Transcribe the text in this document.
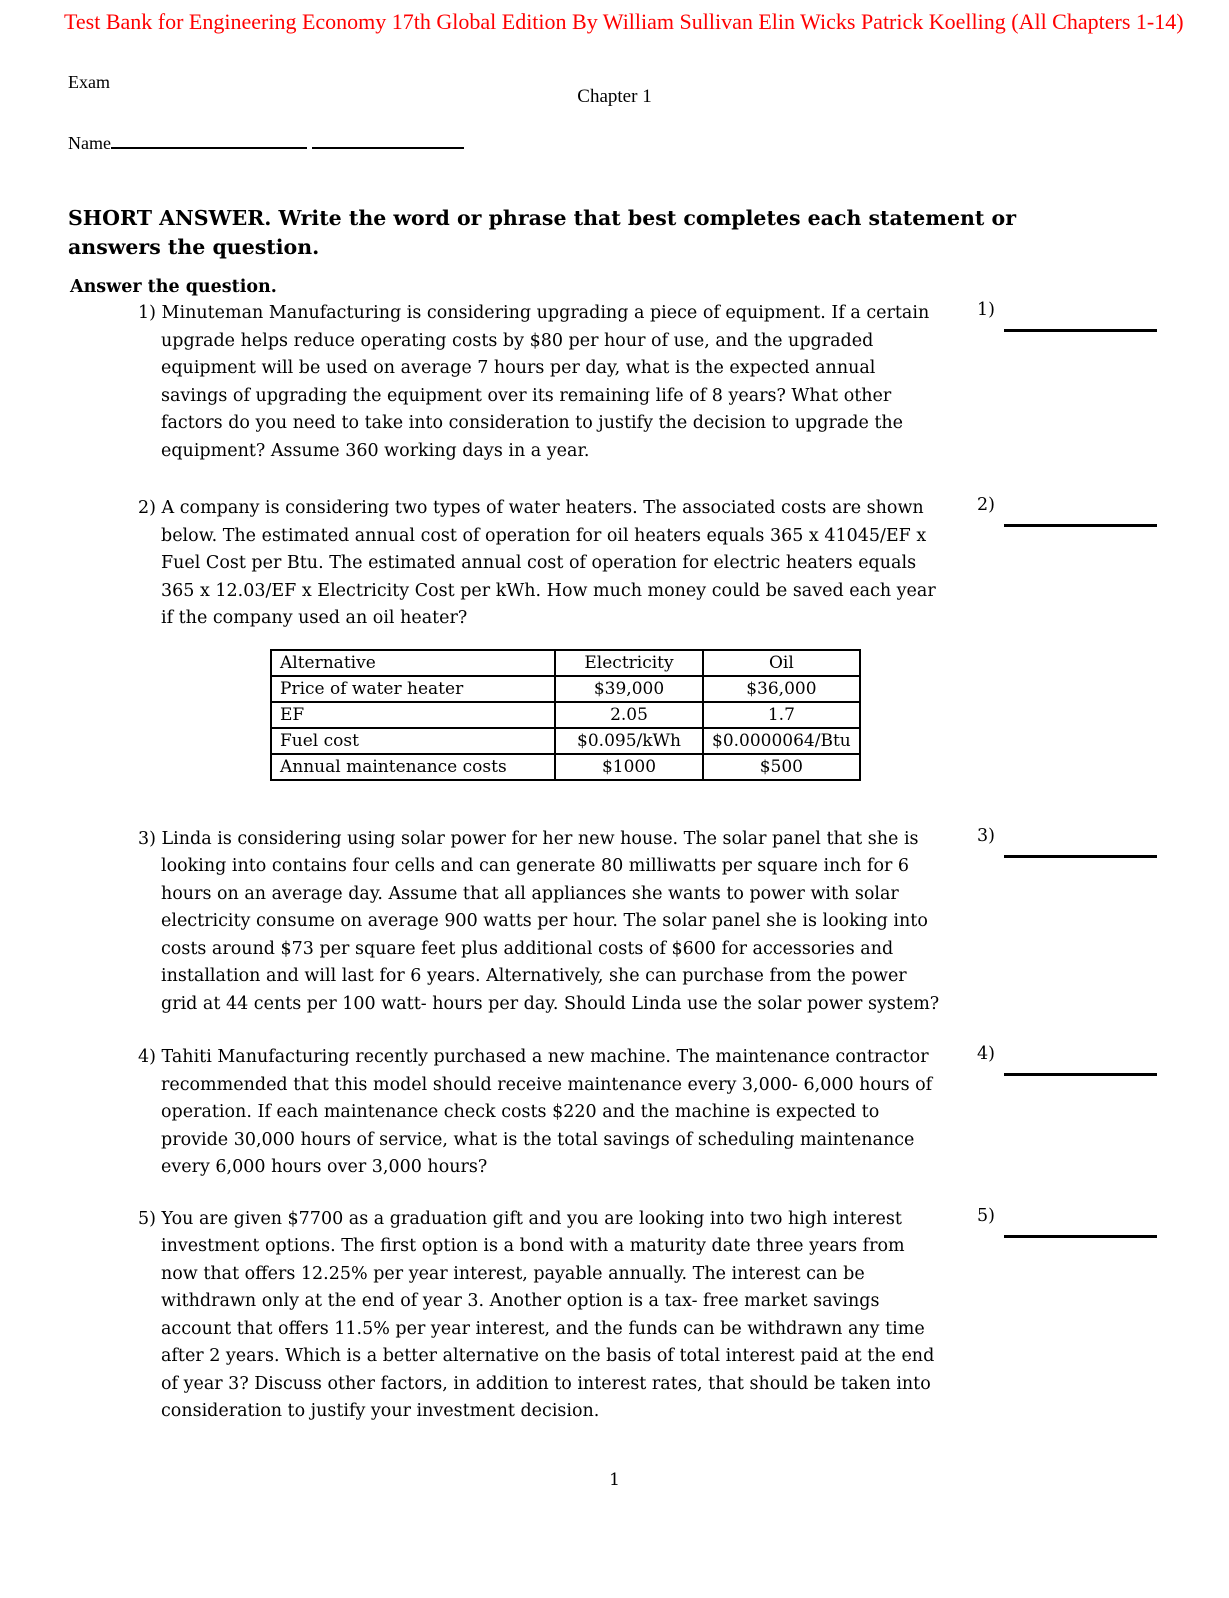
Test Bank for Engineering Economy 17th Global Edition By William Sullivan Elin Wicks Patrick Koelling (All Chapters 1-14)
Exam
Chapter 1
Name
SHORT ANSWER. Write the word or phrase that best completes each statement or answers the question.
Answer the question.

1) Minuteman Manufacturing is considering upgrading a piece of equipment. If a certain upgrade helps reduce operating costs by $80 per hour of use, and the upgraded equipment will be used on average 7 hours per day, what is the expected annual savings of upgrading the equipment over its remaining life of 8 years? What other factors do you need to take into consideration to justify the decision to upgrade the equipment? Assume 360 working days in a year.

1)

2) A company is considering two types of water heaters. The associated costs are shown below. The estimated annual cost of operation for oil heaters equals 365 x 41045/EF x Fuel Cost per Btu. The estimated annual cost of operation for electric heaters equals 365 x 12.03/EF x Electricity Cost per kWh. How much money could be saved each year if the company used an oil heater?

2)
Alternative	Electricity	Oil
Price of water heater	$39,000	$36,000
EF	2.05	1.7
Fuel cost	$0.095/kWh	$0.0000064/Btu
Annual maintenance costs	$1000	$500

3) Linda is considering using solar power for her new house. The solar panel that she is looking into contains four cells and can generate 80 milliwatts per square inch for 6 hours on an average day. Assume that all appliances she wants to power with solar electricity consume on average 900 watts per hour. The solar panel she is looking into costs around $73 per square feet plus additional costs of $600 for accessories and installation and will last for 6 years. Alternatively, she can purchase from the power grid at 44 cents per 100 watt- hours per day. Should Linda use the solar power system?

3)

4) Tahiti Manufacturing recently purchased a new machine. The maintenance contractor recommended that this model should receive maintenance every 3,000- 6,000 hours of operation. If each maintenance check costs $220 and the machine is expected to provide 30,000 hours of service, what is the total savings of scheduling maintenance every 6,000 hours over 3,000 hours?

4)

5) You are given $7700 as a graduation gift and you are looking into two high interest investment options. The first option is a bond with a maturity date three years from now that offers 12.25% per year interest, payable annually. The interest can be withdrawn only at the end of year 3. Another option is a tax- free market savings account that offers 11.5% per year interest, and the funds can be withdrawn any time after 2 years. Which is a better alternative on the basis of total interest paid at the end of year 3? Discuss other factors, in addition to interest rates, that should be taken into consideration to justify your investment decision.

5)
1
